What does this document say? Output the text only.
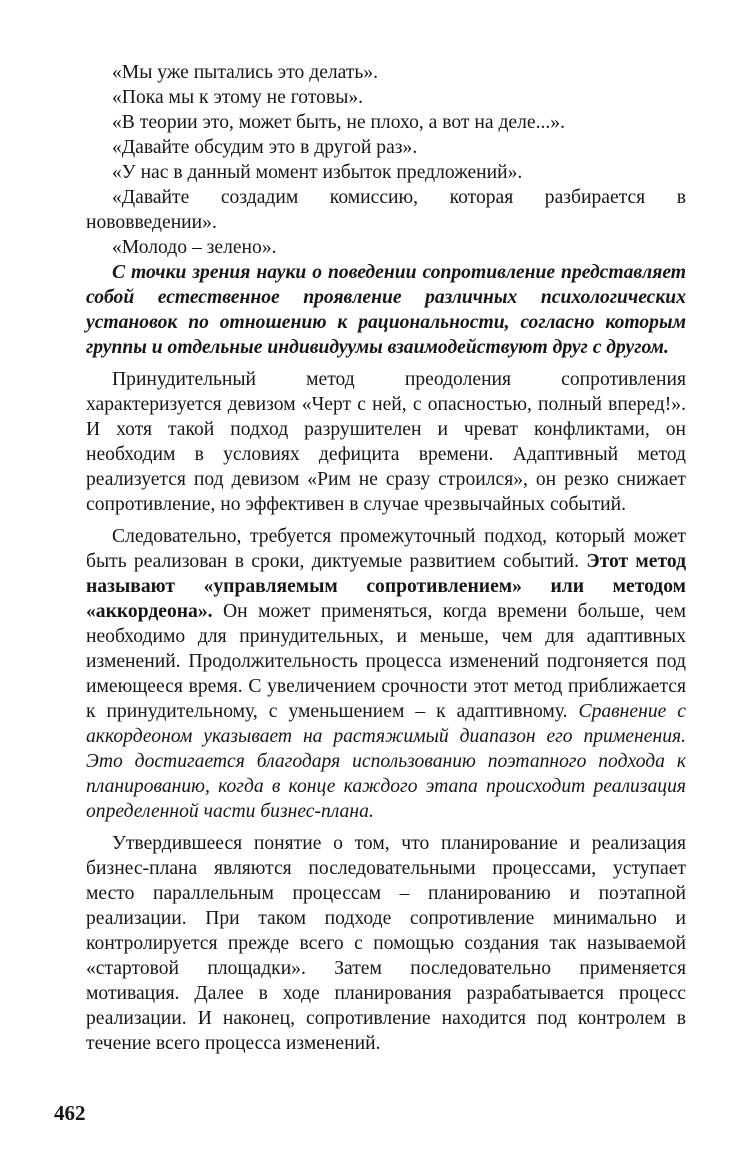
«Мы уже пытались это делать».

«Пока мы к этому не готовы».

«В теории это, может быть, не плохо, а вот на деле...».

«Давайте обсудим это в другой раз».

«У нас в данный момент избыток предложений».

«Давайте создадим комиссию, которая разбирается в нововведении».

«Молодо – зелено».

С точки зрения науки о поведении сопротивление представляет собой естественное проявление различных психологических установок по отношению к рациональности, согласно которым группы и отдельные индивидуумы взаимодействуют друг с другом.

Принудительный метод преодоления сопротивления характеризуется девизом «Черт с ней, с опасностью, полный вперед!». И хотя такой подход разрушителен и чреват конфликтами, он необходим в условиях дефицита времени. Адаптивный метод реализуется под девизом «Рим не сразу строился», он резко снижает сопротивление, но эффективен в случае чрезвычайных событий.

Следовательно, требуется промежуточный подход, который может быть реализован в сроки, диктуемые развитием событий. Этот метод называют «управляемым сопротивлением» или методом «аккордеона». Он может применяться, когда времени больше, чем необходимо для принудительных, и меньше, чем для адаптивных изменений. Продолжительность процесса изменений подгоняется под имеющееся время. С увеличением срочности этот метод приближается к принудительному, с уменьшением – к адаптивному. Сравнение с аккордеоном указывает на растяжимый диапазон его применения. Это достигается благодаря использованию поэтапного подхода к планированию, когда в конце каждого этапа происходит реализация определенной части бизнес-плана.

Утвердившееся понятие о том, что планирование и реализация бизнес-плана являются последовательными процессами, уступает место параллельным процессам – планированию и поэтапной реализации. При таком подходе сопротивление минимально и контролируется прежде всего с помощью создания так называемой «стартовой площадки». Затем последовательно применяется мотивация. Далее в ходе планирования разрабатывается процесс реализации. И наконец, сопротивление находится под контролем в течение всего процесса изменений.

462
